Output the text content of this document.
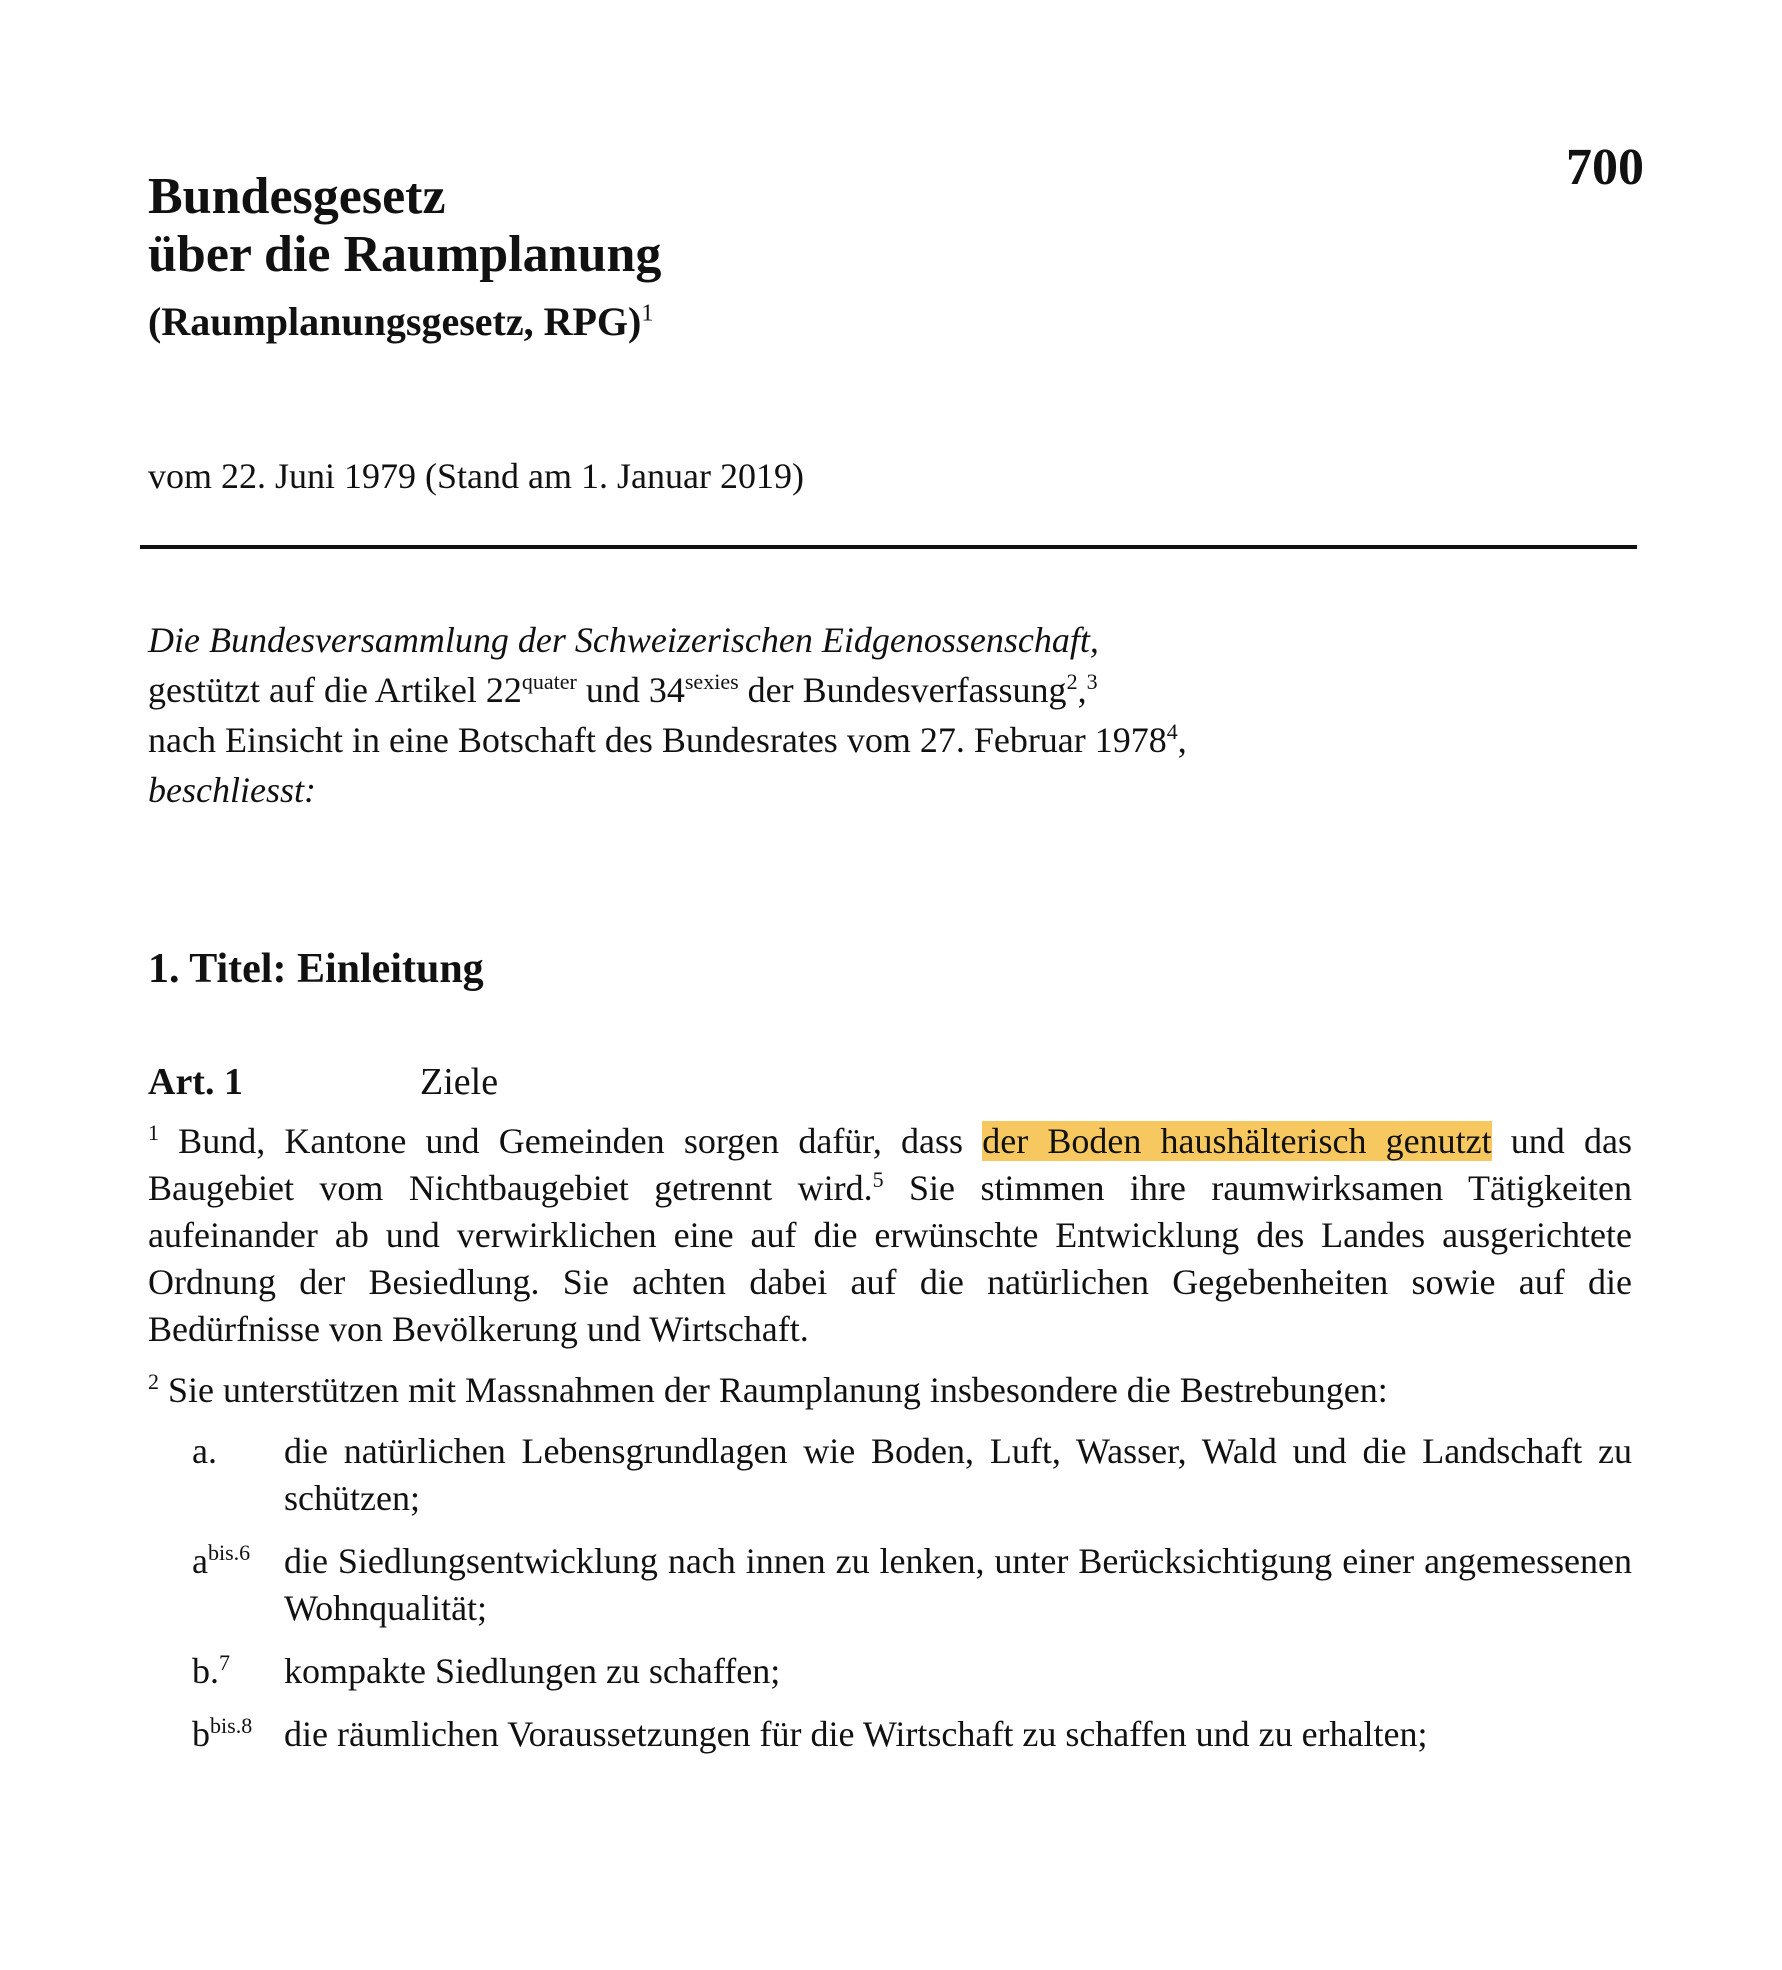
700
Bundesgesetz
über die Raumplanung
(Raumplanungsgesetz, RPG)$^1$
vom 22. Juni 1979 (Stand am 1. Januar 2019)
Die Bundesversammlung der Schweizerischen Eidgenossenschaft,
gestützt auf die Artikel $22^{quater}$ und $34^{sexies}$ der Bundesverfassung$^2$,$^3$
nach Einsicht in eine Botschaft des Bundesrates vom 27. Februar 1978$^4$,
beschliesst:
1. Titel: Einleitung
Art. 1	Ziele

$^1$ Bund, Kantone und Gemeinden sorgen dafür, dass der Boden haushälterisch genutzt und das Baugebiet vom Nichtbaugebiet getrennt wird.$^5$ Sie stimmen ihre raumwirksamen Tätigkeiten aufeinander ab und verwirklichen eine auf die erwünschte Entwicklung des Landes ausgerichtete Ordnung der Besiedlung. Sie achten dabei auf die natürlichen Gegebenheiten sowie auf die Bedürfnisse von Bevölkerung und Wirtschaft.

$^2$ Sie unterstützen mit Massnahmen der Raumplanung insbesondere die Bestrebungen:

a.	die natürlichen Lebensgrundlagen wie Boden, Luft, Wasser, Wald und die Landschaft zu schützen;
$a^{bis.6}$ die Siedlungsentwicklung nach innen zu lenken, unter Berücksichtigung einer angemessenen Wohnqualität;
b.$^7$	kompakte Siedlungen zu schaffen;
$b^{bis.8}$ die räumlichen Voraussetzungen für die Wirtschaft zu schaffen und zu erhalten;
